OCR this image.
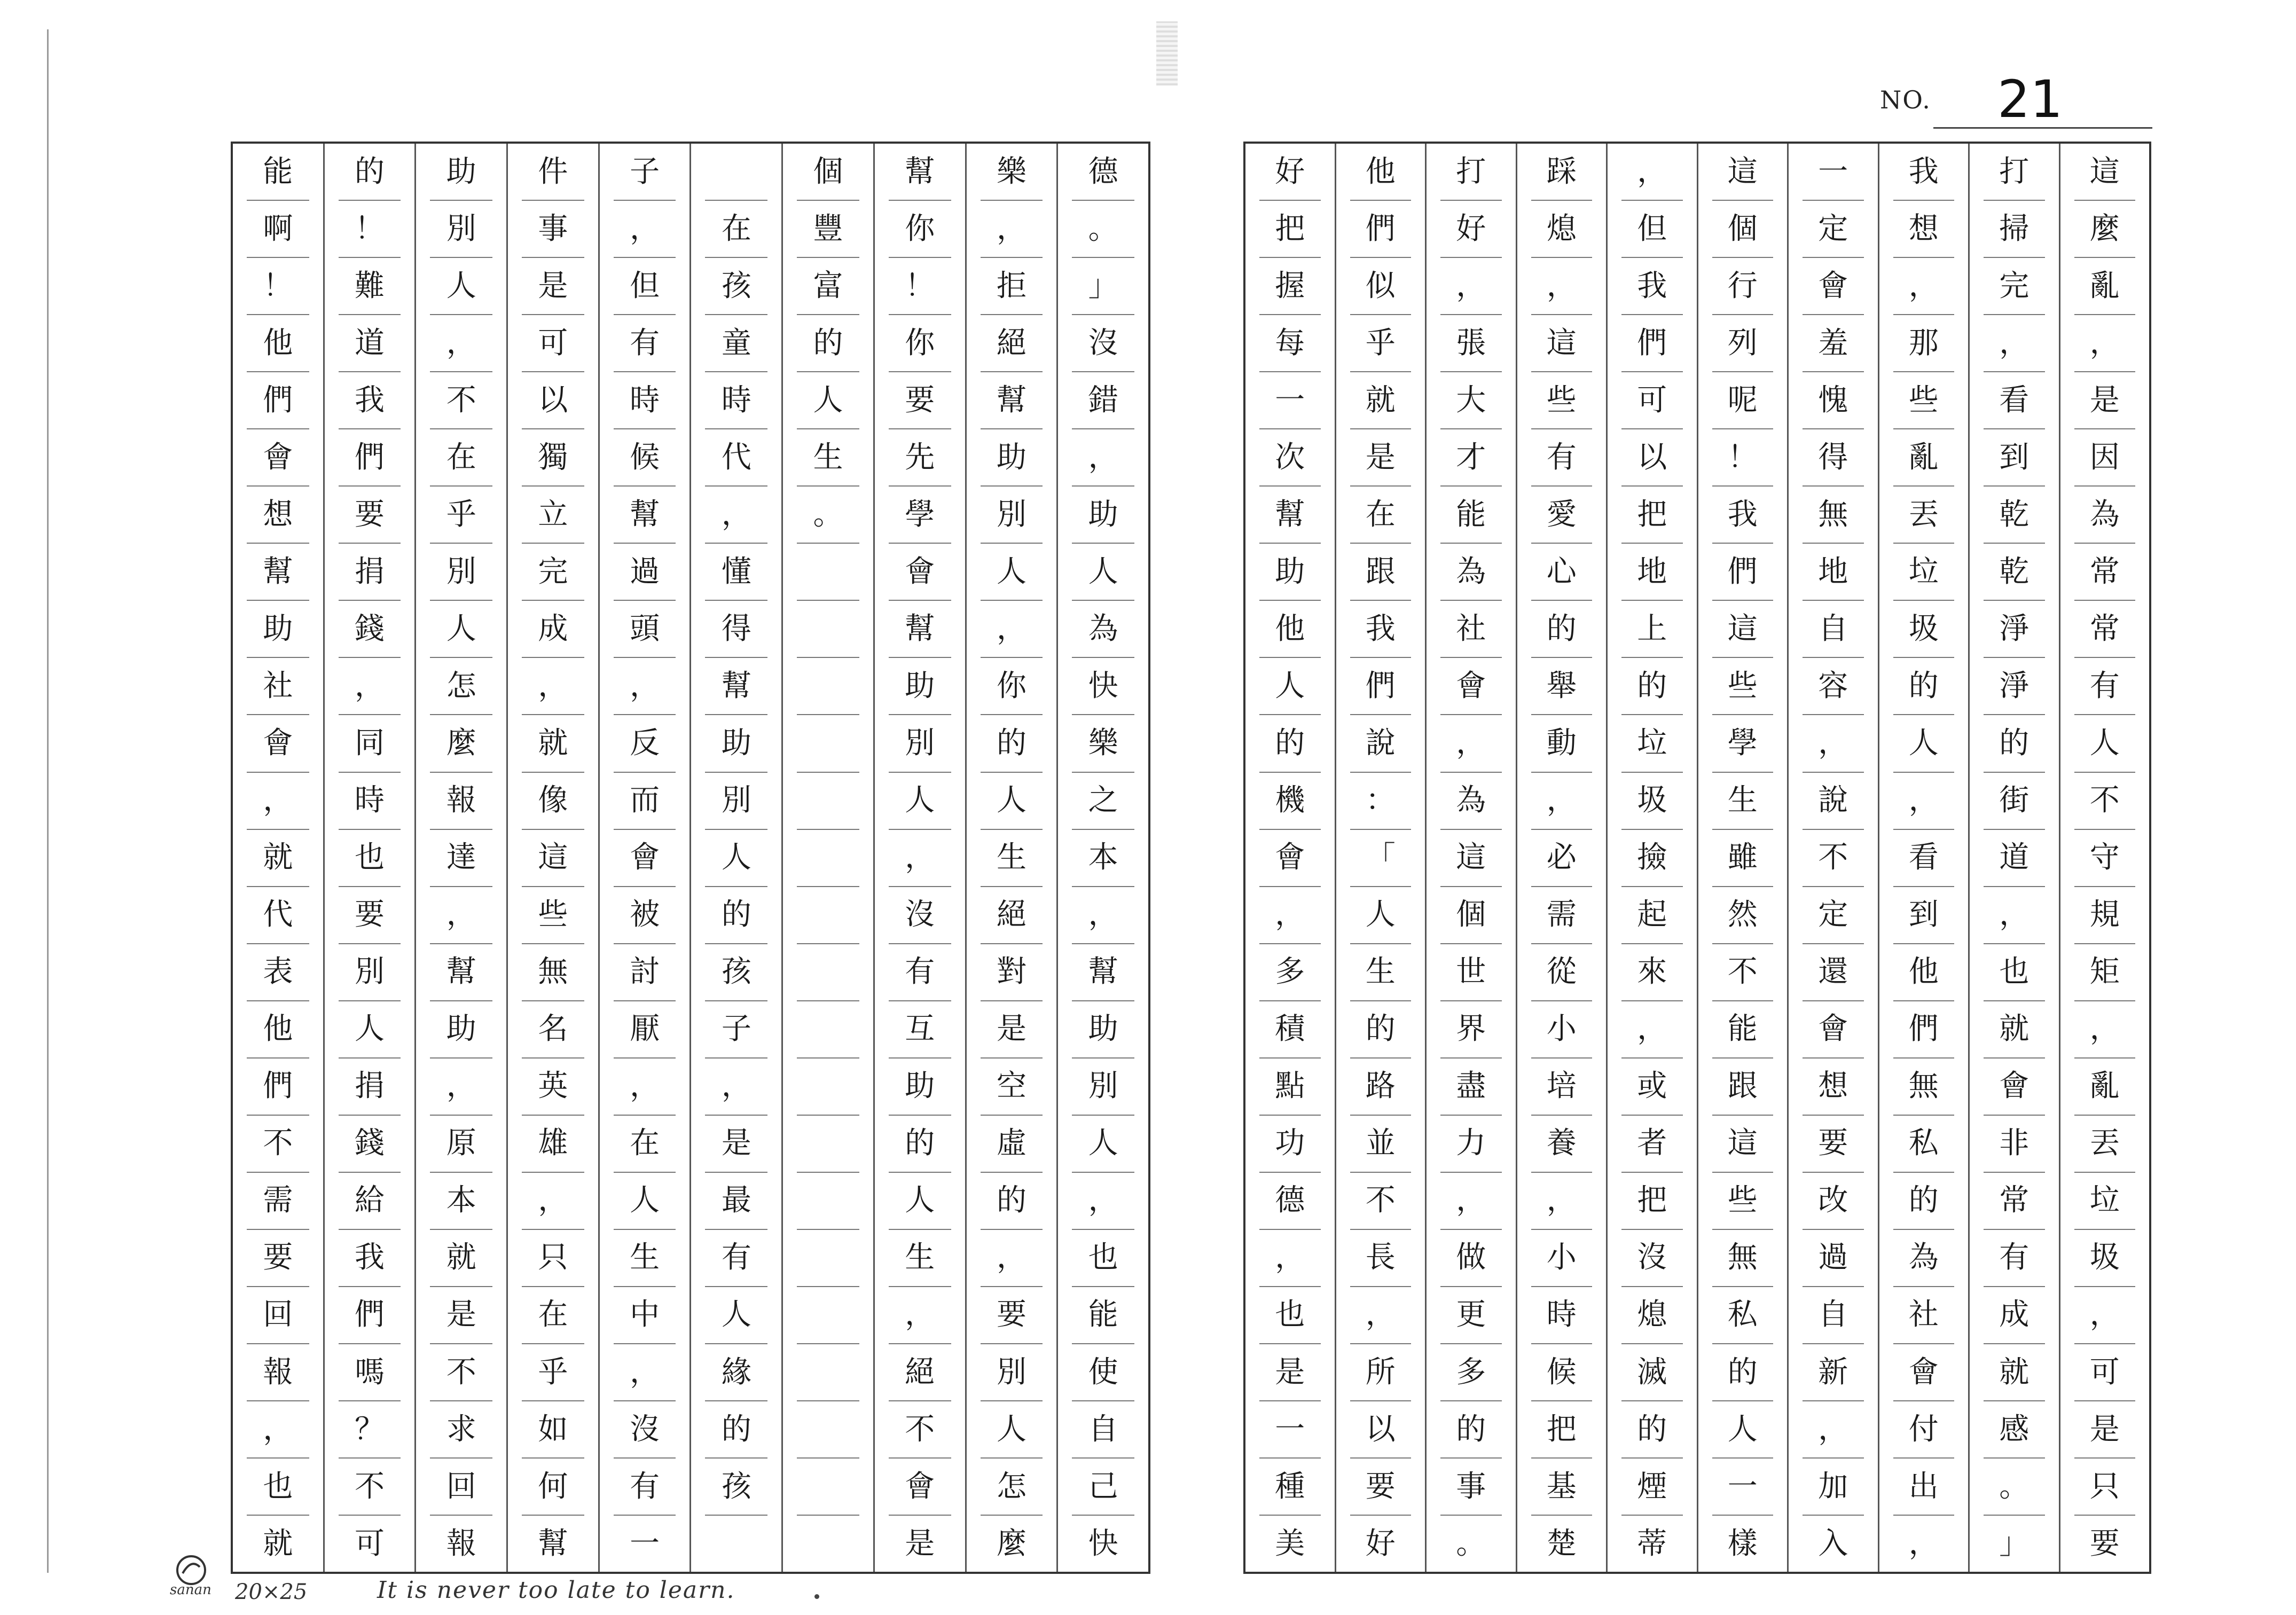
NO. 21
德
。
」
沒
錯
，
助
人
為
快
樂
之
本
，
幫
助
別
人
，
也
能
使
自
己
快
樂
，
拒
絕
幫
助
別
人
，
你
的
人
生
絕
對
是
空
虛
的
，
要
別
人
怎
麼
幫
你
！
你
要
先
學
會
幫
助
別
人
，
沒
有
互
助
的
人
生
，
絕
不
會
是
個
豐
富
的
人
生
。
在
孩
童
時
代
，
懂
得
幫
助
別
人
的
孩
子
，
是
最
有
人
緣
的
孩
子
，
但
有
時
候
幫
過
頭
，
反
而
會
被
討
厭
，
在
人
生
中
，
沒
有
一
件
事
是
可
以
獨
立
完
成
，
就
像
這
些
無
名
英
雄
，
只
在
乎
如
何
幫
助
別
人
，
不
在
乎
別
人
怎
麼
報
達
，
幫
助
，
原
本
就
是
不
求
回
報
的
！
難
道
我
們
要
捐
錢
，
同
時
也
要
別
人
捐
錢
給
我
們
嗎
？
不
可
能
啊
！
他
們
會
想
幫
助
社
會
，
就
代
表
他
們
不
需
要
回
報
，
也
就
這
麼
亂
，
是
因
為
常
常
有
人
不
守
規
矩
，
亂
丟
垃
圾
，
可
是
只
要
打
掃
完
，
看
到
乾
乾
淨
淨
的
街
道
，
也
就
會
非
常
有
成
就
感
。
」
我
想
，
那
些
亂
丟
垃
圾
的
人
，
看
到
他
們
無
私
的
為
社
會
付
出
，
一
定
會
羞
愧
得
無
地
自
容
，
說
不
定
還
會
想
要
改
過
自
新
，
加
入
這
個
行
列
呢
！
我
們
這
些
學
生
雖
然
不
能
跟
這
些
無
私
的
人
一
樣
，
但
我
們
可
以
把
地
上
的
垃
圾
撿
起
來
，
或
者
把
沒
熄
滅
的
煙
蒂
踩
熄
，
這
些
有
愛
心
的
舉
動
，
必
需
從
小
培
養
，
小
時
候
把
基
楚
打
好
，
張
大
才
能
為
社
會
，
為
這
個
世
界
盡
力
，
做
更
多
的
事
。
他
們
似
乎
就
是
在
跟
我
們
說
：
「
人
生
的
路
並
不
長
，
所
以
要
好
好
把
握
每
一
次
幫
助
他
人
的
機
會
，
多
積
點
功
德
，
也
是
一
種
美
sanan 20×25	It is never too late to learn.
